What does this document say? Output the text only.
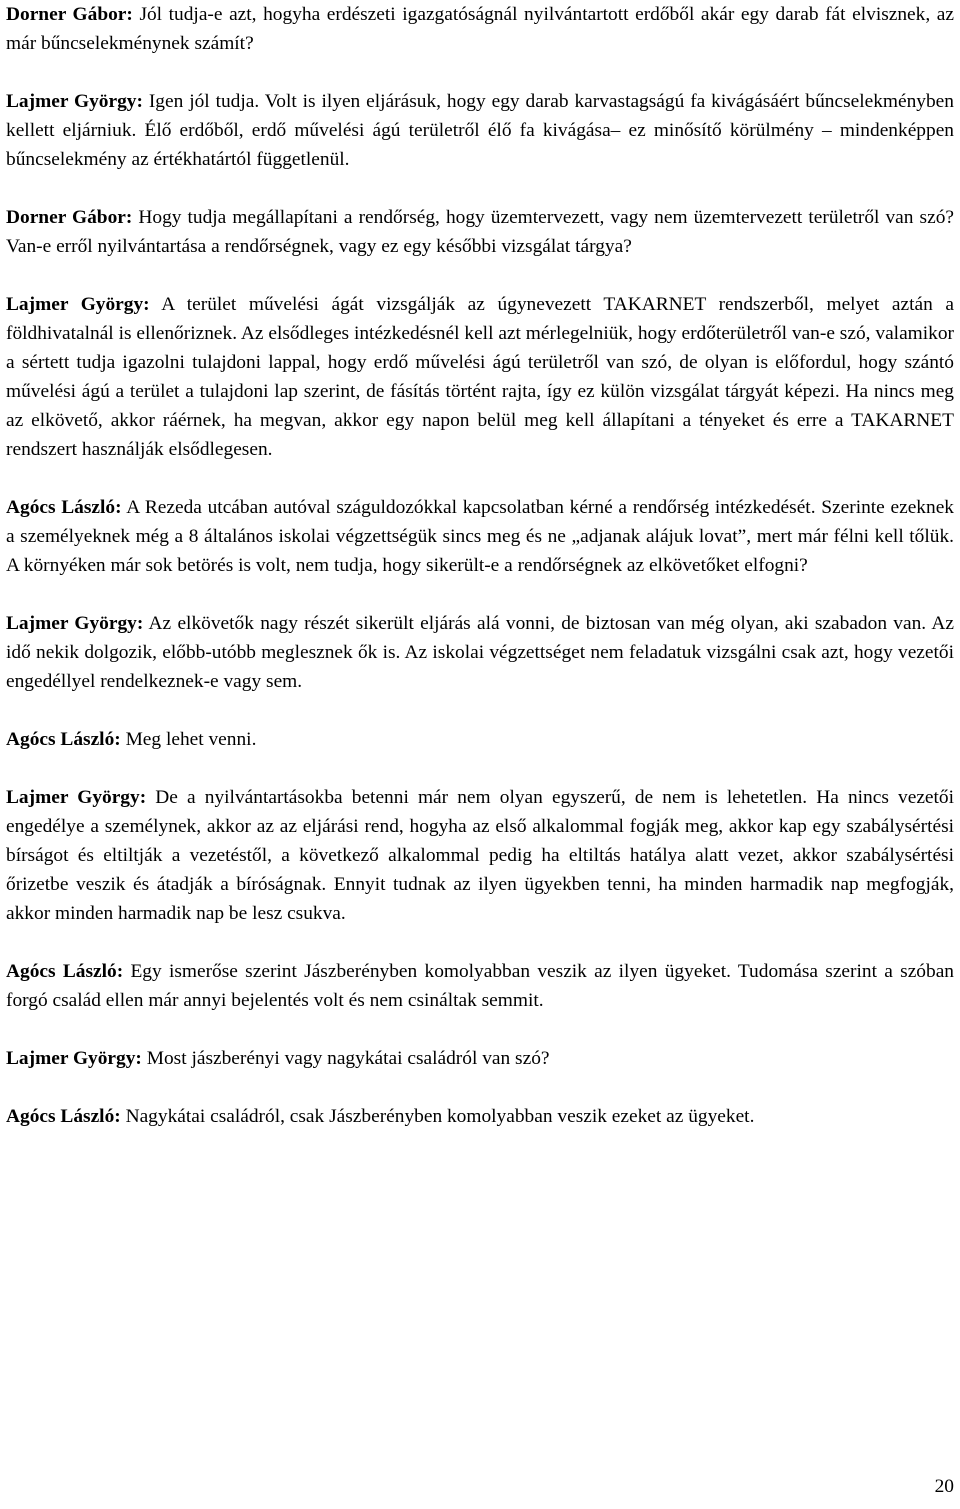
Dorner Gábor: Jól tudja-e azt, hogyha erdészeti igazgatóságnál nyilvántartott erdőből akár egy darab fát elvisznek, az már bűncselekménynek számít?

Lajmer György: Igen jól tudja. Volt is ilyen eljárásuk, hogy egy darab karvastagságú fa kivágásáért bűncselekményben kellett eljárniuk. Élő erdőből, erdő művelési ágú területről élő fa kivágása– ez minősítő körülmény – mindenképpen bűncselekmény az értékhatártól függetlenül.

Dorner Gábor: Hogy tudja megállapítani a rendőrség, hogy üzemtervezett, vagy nem üzemtervezett területről van szó? Van-e erről nyilvántartása a rendőrségnek, vagy ez egy későbbi vizsgálat tárgya?

Lajmer György: A terület művelési ágát vizsgálják az úgynevezett TAKARNET rendszerből, melyet aztán a földhivatalnál is ellenőriznek. Az elsődleges intézkedésnél kell azt mérlegelniük, hogy erdőterületről van-e szó, valamikor a sértett tudja igazolni tulajdoni lappal, hogy erdő művelési ágú területről van szó, de olyan is előfordul, hogy szántó művelési ágú a terület a tulajdoni lap szerint, de fásítás történt rajta, így ez külön vizsgálat tárgyát képezi. Ha nincs meg az elkövető, akkor ráérnek, ha megvan, akkor egy napon belül meg kell állapítani a tényeket és erre a TAKARNET rendszert használják elsődlegesen.

Agócs László: A Rezeda utcában autóval száguldozókkal kapcsolatban kérné a rendőrség intézkedését. Szerinte ezeknek a személyeknek még a 8 általános iskolai végzettségük sincs meg és ne „adjanak alájuk lovat”, mert már félni kell tőlük. A környéken már sok betörés is volt, nem tudja, hogy sikerült-e a rendőrségnek az elkövetőket elfogni?

Lajmer György: Az elkövetők nagy részét sikerült eljárás alá vonni, de biztosan van még olyan, aki szabadon van. Az idő nekik dolgozik, előbb-utóbb meglesznek ők is. Az iskolai végzettséget nem feladatuk vizsgálni csak azt, hogy vezetői engedéllyel rendelkeznek-e vagy sem.

Agócs László: Meg lehet venni.

Lajmer György: De a nyilvántartásokba betenni már nem olyan egyszerű, de nem is lehetetlen. Ha nincs vezetői engedélye a személynek, akkor az az eljárási rend, hogyha az első alkalommal fogják meg, akkor kap egy szabálysértési bírságot és eltiltják a vezetéstől, a következő alkalommal pedig ha eltiltás hatálya alatt vezet, akkor szabálysértési őrizetbe veszik és átadják a bíróságnak. Ennyit tudnak az ilyen ügyekben tenni, ha minden harmadik nap megfogják, akkor minden harmadik nap be lesz csukva.

Agócs László: Egy ismerőse szerint Jászberényben komolyabban veszik az ilyen ügyeket. Tudomása szerint a szóban forgó család ellen már annyi bejelentés volt és nem csináltak semmit.

Lajmer György: Most jászberényi vagy nagykátai családról van szó?

Agócs László: Nagykátai családról, csak Jászberényben komolyabban veszik ezeket az ügyeket.

20
